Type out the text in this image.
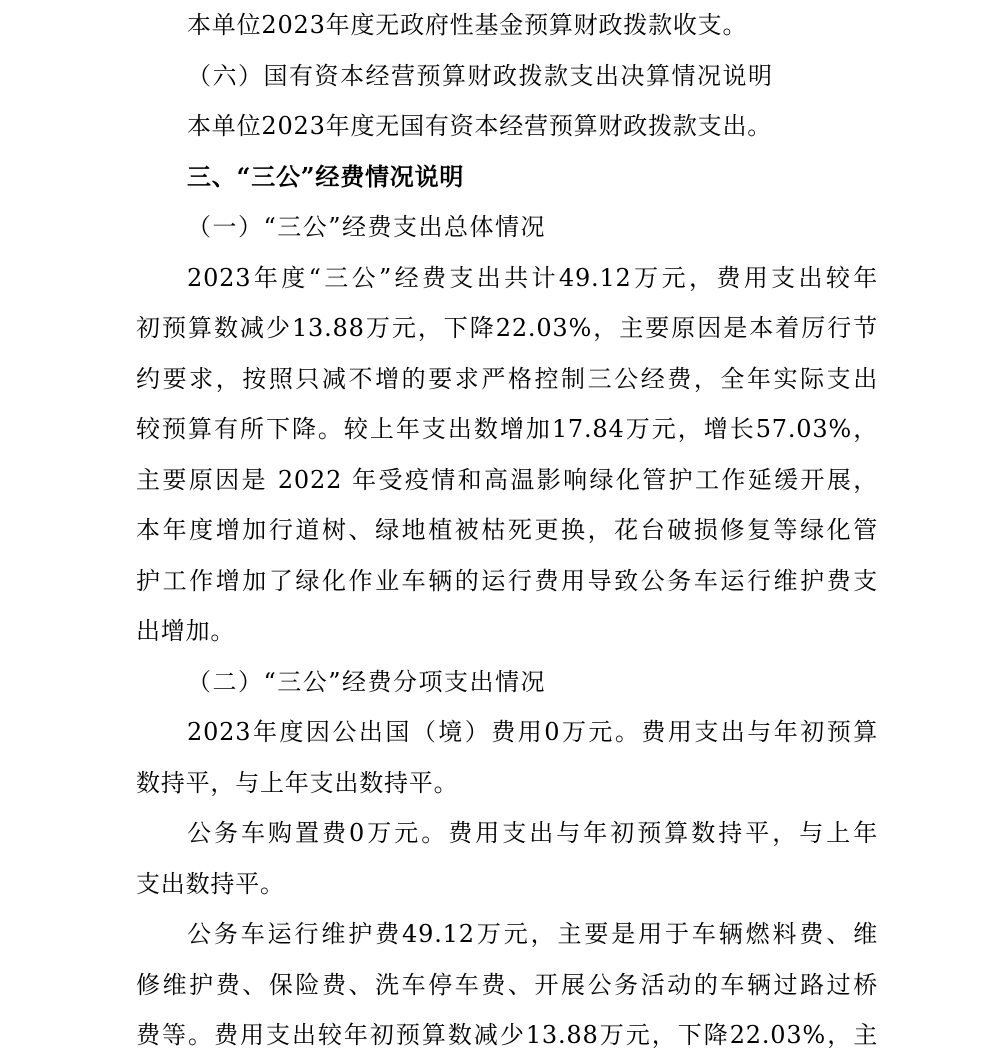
本单位2023年度无政府性基金预算财政拨款收支。
（六）国有资本经营预算财政拨款支出决算情况说明
本单位2023年度无国有资本经营预算财政拨款支出。
三、“三公”经费情况说明
（一）“三公”经费支出总体情况
2023年度“三公”经费支出共计49.12万元，费用支出较年
初预算数减少13.88万元，下降22.03%，主要原因是本着厉行节
约要求，按照只减不增的要求严格控制三公经费，全年实际支出
较预算有所下降。较上年支出数增加17.84万元，增长57.03%，
主要原因是 2022 年受疫情和高温影响绿化管护工作延缓开展，
本年度增加行道树、绿地植被枯死更换，花台破损修复等绿化管
护工作增加了绿化作业车辆的运行费用导致公务车运行维护费支
出增加。
（二）“三公”经费分项支出情况
2023年度因公出国（境）费用0万元。费用支出与年初预算
数持平，与上年支出数持平。
公务车购置费0万元。费用支出与年初预算数持平，与上年
支出数持平。
公务车运行维护费49.12万元，主要是用于车辆燃料费、维
修维护费、保险费、洗车停车费、开展公务活动的车辆过路过桥
费等。费用支出较年初预算数减少13.88万元，下降22.03%，主
